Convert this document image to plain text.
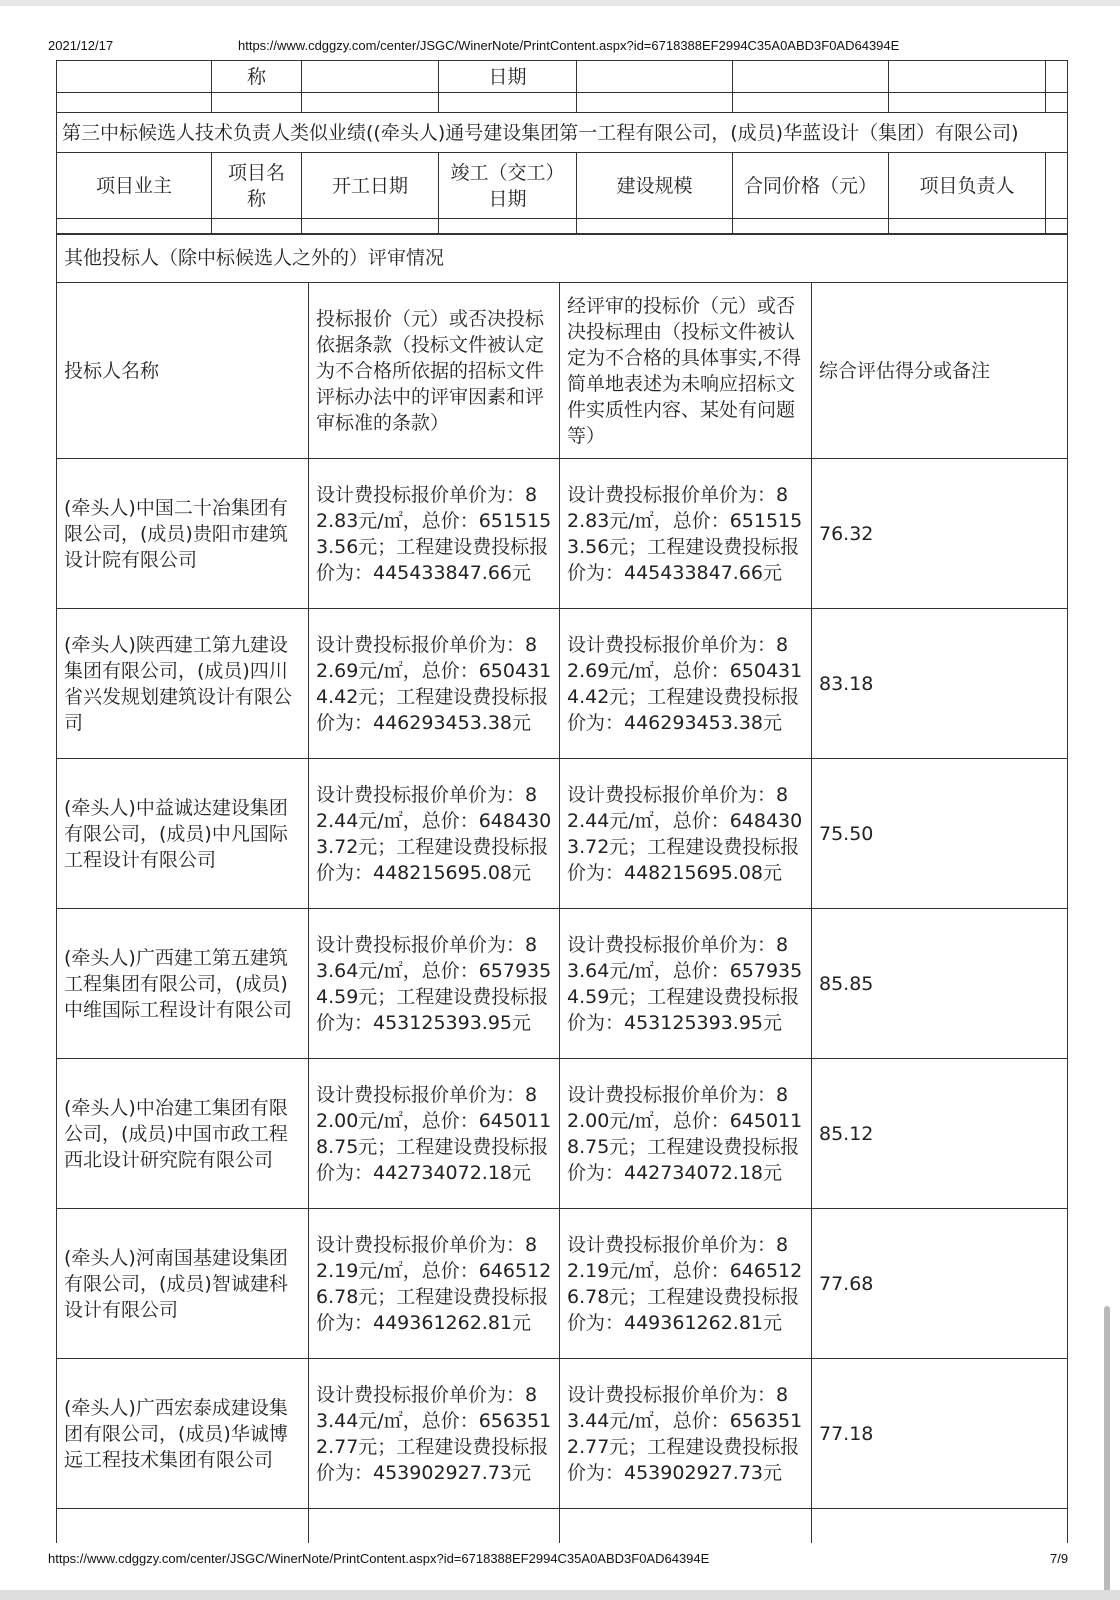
2021/12/17	https://www.cdggzy.com/center/JSGC/WinerNote/PrintContent.aspx?id=6718388EF2994C35A0ABD3F0AD64394E
	称		日期				

第三中标候选人技术负责人类似业绩((牵头人)通号建设集团第一工程有限公司，(成员)华蓝设计（集团）有限公司)							
项目业主	项目名称	开工日期	竣工（交工）日期	建设规模	合同价格（元）	项目负责人	

其他投标人（除中标候选人之外的）评审情况			
投标人名称	投标报价（元）或否决投标依据条款（投标文件被认定为不合格所依据的招标文件评标办法中的评审因素和评审标准的条款）	经评审的投标价（元）或否决投标理由（投标文件被认定为不合格的具体事实,不得简单地表述为未响应招标文件实质性内容、某处有问题等）	综合评估得分或备注
(牵头人)中国二十冶集团有限公司，(成员)贵阳市建筑设计院有限公司	设计费投标报价单价为：82.83元/㎡，总价：6515153.56元；工程建设费投标报价为：445433847.66元	设计费投标报价单价为：82.83元/㎡，总价：6515153.56元；工程建设费投标报价为：445433847.66元	76.32
(牵头人)陕西建工第九建设集团有限公司，(成员)四川省兴发规划建筑设计有限公司	设计费投标报价单价为：82.69元/㎡，总价：6504314.42元；工程建设费投标报价为：446293453.38元	设计费投标报价单价为：82.69元/㎡，总价：6504314.42元；工程建设费投标报价为：446293453.38元	83.18
(牵头人)中益诚达建设集团有限公司，(成员)中凡国际工程设计有限公司	设计费投标报价单价为：82.44元/㎡，总价：6484303.72元；工程建设费投标报价为：448215695.08元	设计费投标报价单价为：82.44元/㎡，总价：6484303.72元；工程建设费投标报价为：448215695.08元	75.50
(牵头人)广西建工第五建筑工程集团有限公司，(成员)中维国际工程设计有限公司	设计费投标报价单价为：83.64元/㎡，总价：6579354.59元；工程建设费投标报价为：453125393.95元	设计费投标报价单价为：83.64元/㎡，总价：6579354.59元；工程建设费投标报价为：453125393.95元	85.85
(牵头人)中冶建工集团有限公司，(成员)中国市政工程西北设计研究院有限公司	设计费投标报价单价为：82.00元/㎡，总价：6450118.75元；工程建设费投标报价为：442734072.18元	设计费投标报价单价为：82.00元/㎡，总价：6450118.75元；工程建设费投标报价为：442734072.18元	85.12
(牵头人)河南国基建设集团有限公司，(成员)智诚建科设计有限公司	设计费投标报价单价为：82.19元/㎡，总价：6465126.78元；工程建设费投标报价为：449361262.81元	设计费投标报价单价为：82.19元/㎡，总价：6465126.78元；工程建设费投标报价为：449361262.81元	77.68
(牵头人)广西宏泰成建设集团有限公司，(成员)华诚博远工程技术集团有限公司	设计费投标报价单价为：83.44元/㎡，总价：6563512.77元；工程建设费投标报价为：453902927.73元	设计费投标报价单价为：83.44元/㎡，总价：6563512.77元；工程建设费投标报价为：453902927.73元	77.18

https://www.cdggzy.com/center/JSGC/WinerNote/PrintContent.aspx?id=6718388EF2994C35A0ABD3F0AD64394E	7/9
